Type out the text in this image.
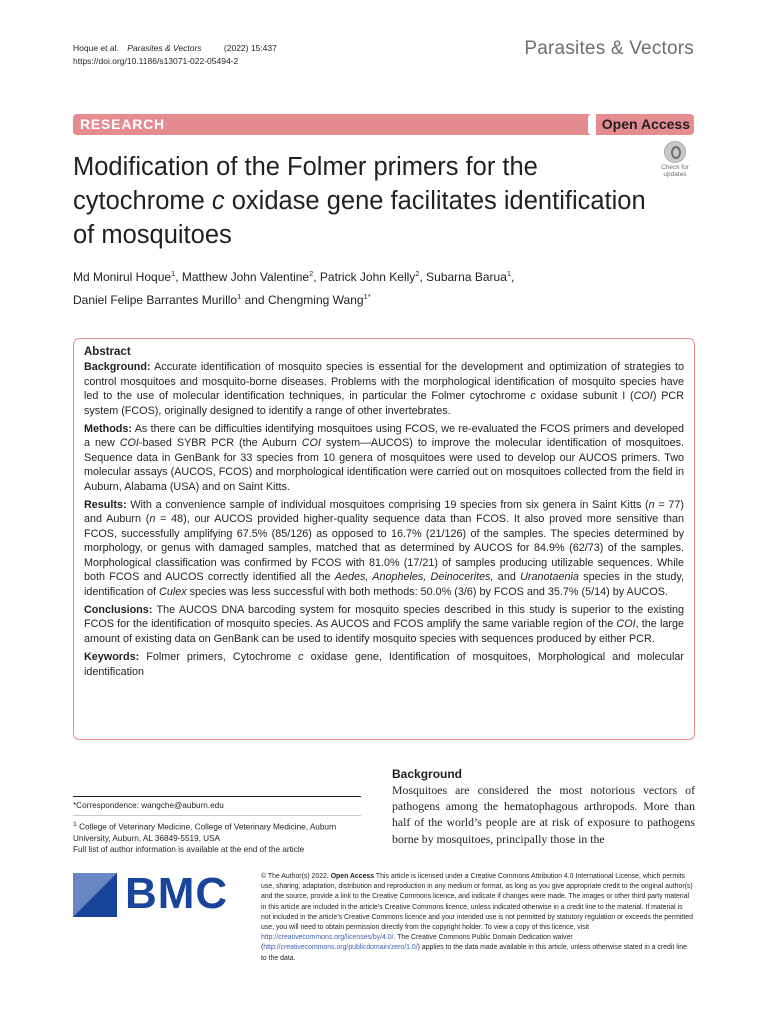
Hoque et al. Parasites & Vectors	(2022) 15:437
https://doi.org/10.1186/s13071-022-05494-2
Parasites & Vectors
RESEARCH	Open Access
Modification of the Folmer primers for the cytochrome c oxidase gene facilitates identification of mosquitoes
Check for
updates
Md Monirul Hoque$^1$, Matthew John Valentine$^2$, Patrick John Kelly$^2$, Subarna Barua$^1$,
Daniel Felipe Barrantes Murillo$^1$ and Chengming Wang$^{1*}$
Abstract

Background: Accurate identification of mosquito species is essential for the development and optimization of strategies to control mosquitoes and mosquito-borne diseases. Problems with the morphological identification of mosquito species have led to the use of molecular identification techniques, in particular the Folmer cytochrome c oxidase subunit I (COI) PCR system (FCOS), originally designed to identify a range of other invertebrates.

Methods: As there can be difficulties identifying mosquitoes using FCOS, we re-evaluated the FCOS primers and developed a new COI-based SYBR PCR (the Auburn COI system—AUCOS) to improve the molecular identification of mosquitoes. Sequence data in GenBank for 33 species from 10 genera of mosquitoes were used to develop our AUCOS primers. Two molecular assays (AUCOS, FCOS) and morphological identification were carried out on mosquitoes collected from the field in Auburn, Alabama (USA) and on Saint Kitts.

Results: With a convenience sample of individual mosquitoes comprising 19 species from six genera in Saint Kitts (n = 77) and Auburn (n = 48), our AUCOS provided higher-quality sequence data than FCOS. It also proved more sensitive than FCOS, successfully amplifying 67.5% (85/126) as opposed to 16.7% (21/126) of the samples. The species determined by morphology, or genus with damaged samples, matched that as determined by AUCOS for 84.9% (62/73) of the samples. Morphological classification was confirmed by FCOS with 81.0% (17/21) of samples producing utilizable sequences. While both FCOS and AUCOS correctly identified all the Aedes, Anopheles, Deinocerites, and Uranotaenia species in the study, identification of Culex species was less successful with both methods: 50.0% (3/6) by FCOS and 35.7% (5/14) by AUCOS.

Conclusions: The AUCOS DNA barcoding system for mosquito species described in this study is superior to the existing FCOS for the identification of mosquito species. As AUCOS and FCOS amplify the same variable region of the COI, the large amount of existing data on GenBank can be used to identify mosquito species with sequences produced by either PCR.

Keywords: Folmer primers, Cytochrome c oxidase gene, Identification of mosquitoes, Morphological and molecular identification

*Correspondence: wangche@auburn.edu
$^1$ College of Veterinary Medicine, College of Veterinary Medicine, Auburn University, Auburn, AL 36849-5519, USA
Full list of author information is available at the end of the article
Background
Mosquitoes are considered the most notorious vectors of pathogens among the hematophagous arthropods. More than half of the world’s people are at risk of exposure to pathogens borne by mosquitoes, principally those in the
BMC	© The Author(s) 2022. Open Access This article is licensed under a Creative Commons Attribution 4.0 International License, which permits use, sharing, adaptation, distribution and reproduction in any medium or format, as long as you give appropriate credit to the original author(s) and the source, provide a link to the Creative Commons licence, and indicate if changes were made. The images or other third party material in this article are included in the article’s Creative Commons licence, unless indicated otherwise in a credit line to the material. If material is not included in the article’s Creative Commons licence and your intended use is not permitted by statutory regulation or exceeds the permitted use, you will need to obtain permission directly from the copyright holder. To view a copy of this licence, visit http://creativecommons.org/licenses/by/4.0/. The Creative Commons Public Domain Dedication waiver (http://creativecommons.org/publicdomain/zero/1.0/) applies to the data made available in this article, unless otherwise stated in a credit line to the data.
